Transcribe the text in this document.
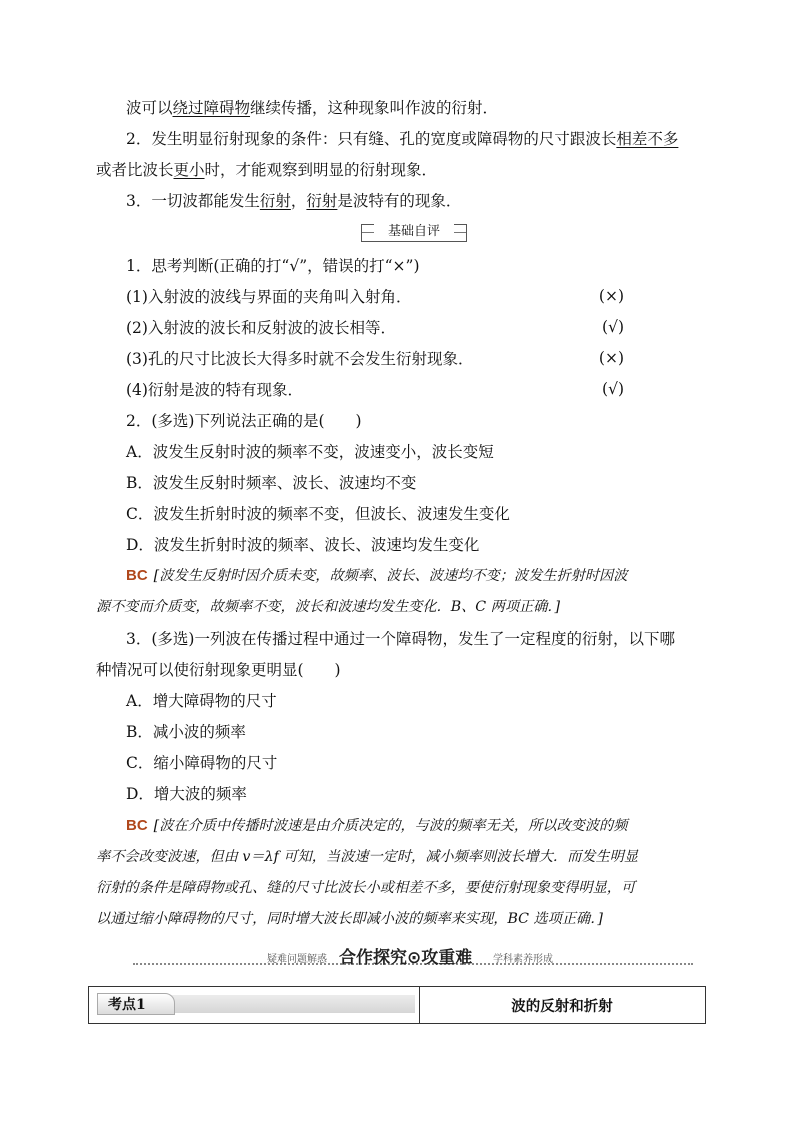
波可以绕过障碍物继续传播，这种现象叫作波的衍射．
2．发生明显衍射现象的条件：只有缝、孔的宽度或障碍物的尺寸跟波长相差不多
或者比波长更小时，才能观察到明显的衍射现象．
3．一切波都能发生衍射，衍射是波特有的现象．
基础自评
1．思考判断(正确的打“√”，错误的打“×”)
(1)入射波的波线与界面的夹角叫入射角．	(×)
(2)入射波的波长和反射波的波长相等．	(√)
(3)孔的尺寸比波长大得多时就不会发生衍射现象．	(×)
(4)衍射是波的特有现象．	(√)
2．(多选)下列说法正确的是(　　)
A．波发生反射时波的频率不变，波速变小，波长变短
B．波发生反射时频率、波长、波速均不变
C．波发生折射时波的频率不变，但波长、波速发生变化
D．波发生折射时波的频率、波长、波速均发生变化
BC [波发生反射时因介质未变，故频率、波长、波速均不变；波发生折射时因波
源不变而介质变，故频率不变，波长和波速均发生变化．B、C 两项正确．]
3．(多选)一列波在传播过程中通过一个障碍物，发生了一定程度的衍射，以下哪
种情况可以使衍射现象更明显(　　)
A．增大障碍物的尺寸
B．减小波的频率
C．缩小障碍物的尺寸
D．增大波的频率
BC [波在介质中传播时波速是由介质决定的，与波的频率无关，所以改变波的频
率不会改变波速，但由 v＝λf 可知，当波速一定时，减小频率则波长增大．而发生明显
衍射的条件是障碍物或孔、缝的尺寸比波长小或相差不多，要使衍射现象变得明显，可
以通过缩小障碍物的尺寸，同时增大波长即减小波的频率来实现，BC 选项正确．]
疑难问题解惑 合作探究⊙攻重难 学科素养形成
考点1	波的反射和折射
